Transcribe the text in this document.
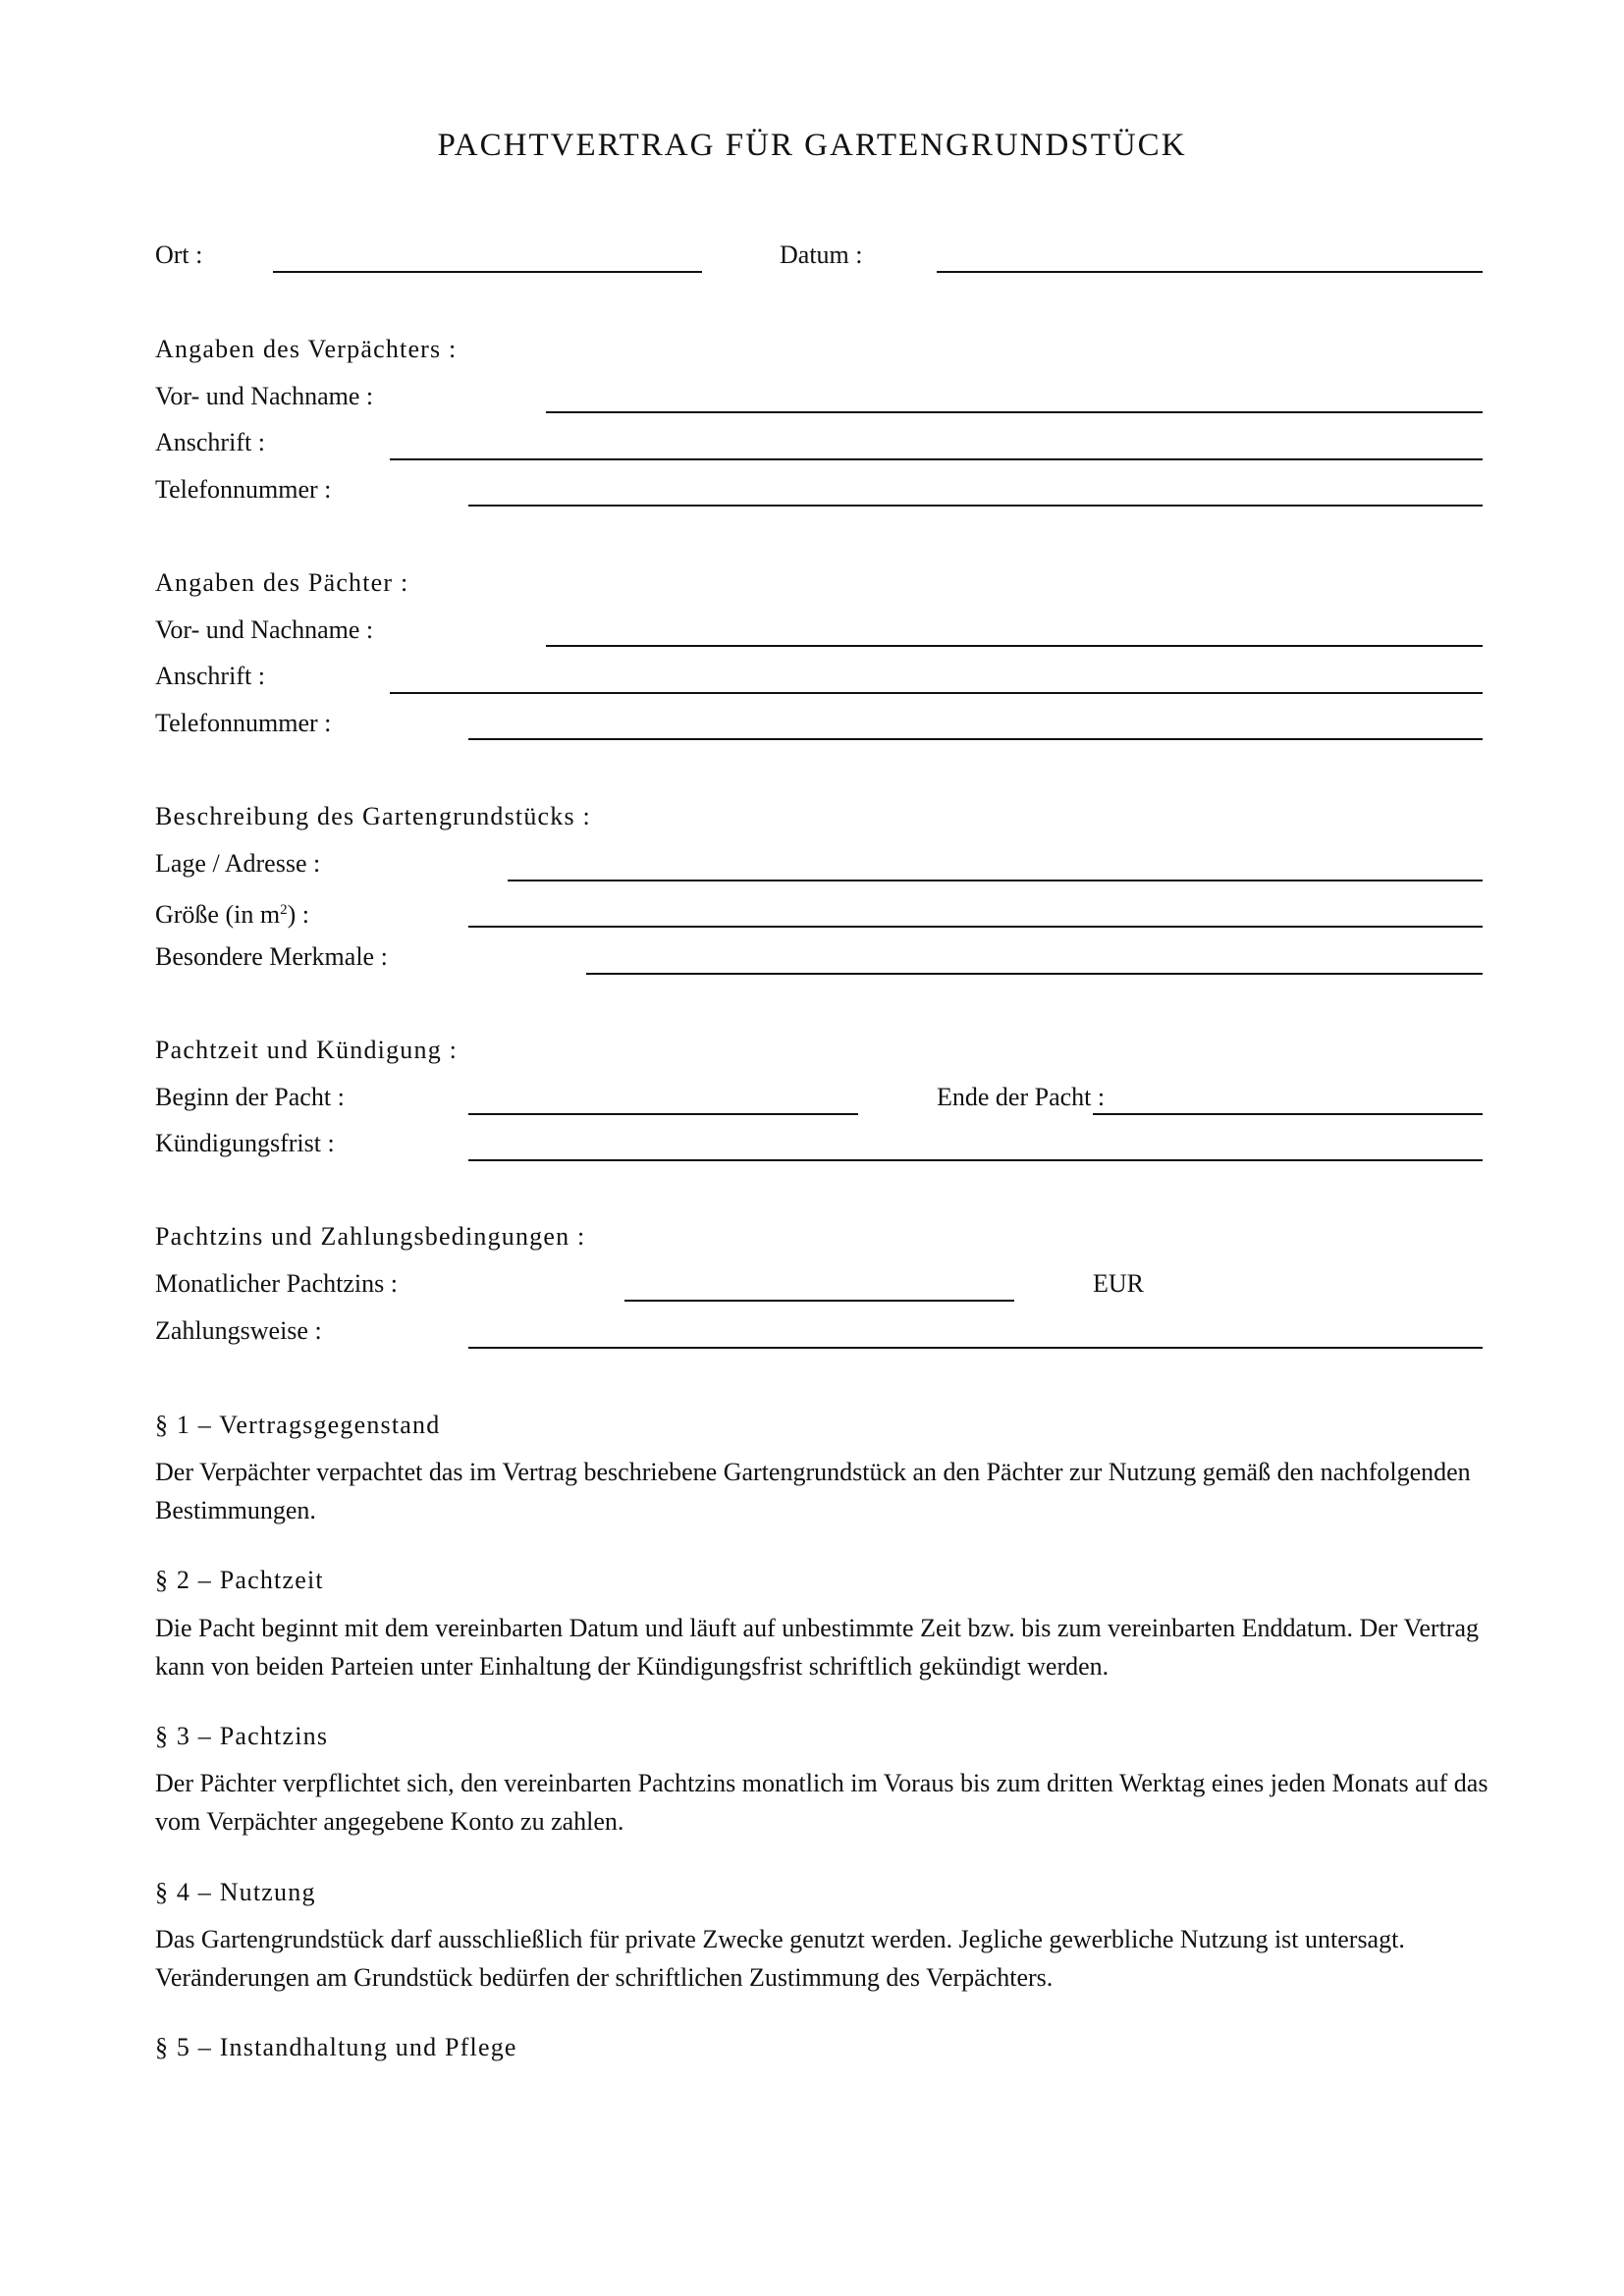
PACHTVERTRAG FÜR GARTENGRUNDSTÜCK
Ort :	Datum :
Angaben des Verpächters :
Vor- und Nachname :
Anschrift :
Telefonnummer :
Angaben des Pächter :
Vor- und Nachname :
Anschrift :
Telefonnummer :
Beschreibung des Gartengrundstücks :
Lage / Adresse :
Größe (in $m^2$) :
Besondere Merkmale :
Pachtzeit und Kündigung :
Beginn der Pacht :	Ende der Pacht :
Kündigungsfrist :
Pachtzins und Zahlungsbedingungen :
Monatlicher Pachtzins :	EUR
Zahlungsweise :
§ 1 – Vertragsgegenstand
Der Verpächter verpachtet das im Vertrag beschriebene Gartengrundstück an den Pächter zur Nutzung gemäß den nachfolgenden Bestimmungen.
§ 2 – Pachtzeit
Die Pacht beginnt mit dem vereinbarten Datum und läuft auf unbestimmte Zeit bzw. bis zum vereinbarten Enddatum. Der Vertrag kann von beiden Parteien unter Einhaltung der Kündigungsfrist schriftlich gekündigt werden.
§ 3 – Pachtzins
Der Pächter verpflichtet sich, den vereinbarten Pachtzins monatlich im Voraus bis zum dritten Werktag eines jeden Monats auf das vom Verpächter angegebene Konto zu zahlen.
§ 4 – Nutzung
Das Gartengrundstück darf ausschließlich für private Zwecke genutzt werden. Jegliche gewerbliche Nutzung ist untersagt. Veränderungen am Grundstück bedürfen der schriftlichen Zustimmung des Verpächters.
§ 5 – Instandhaltung und Pflege
